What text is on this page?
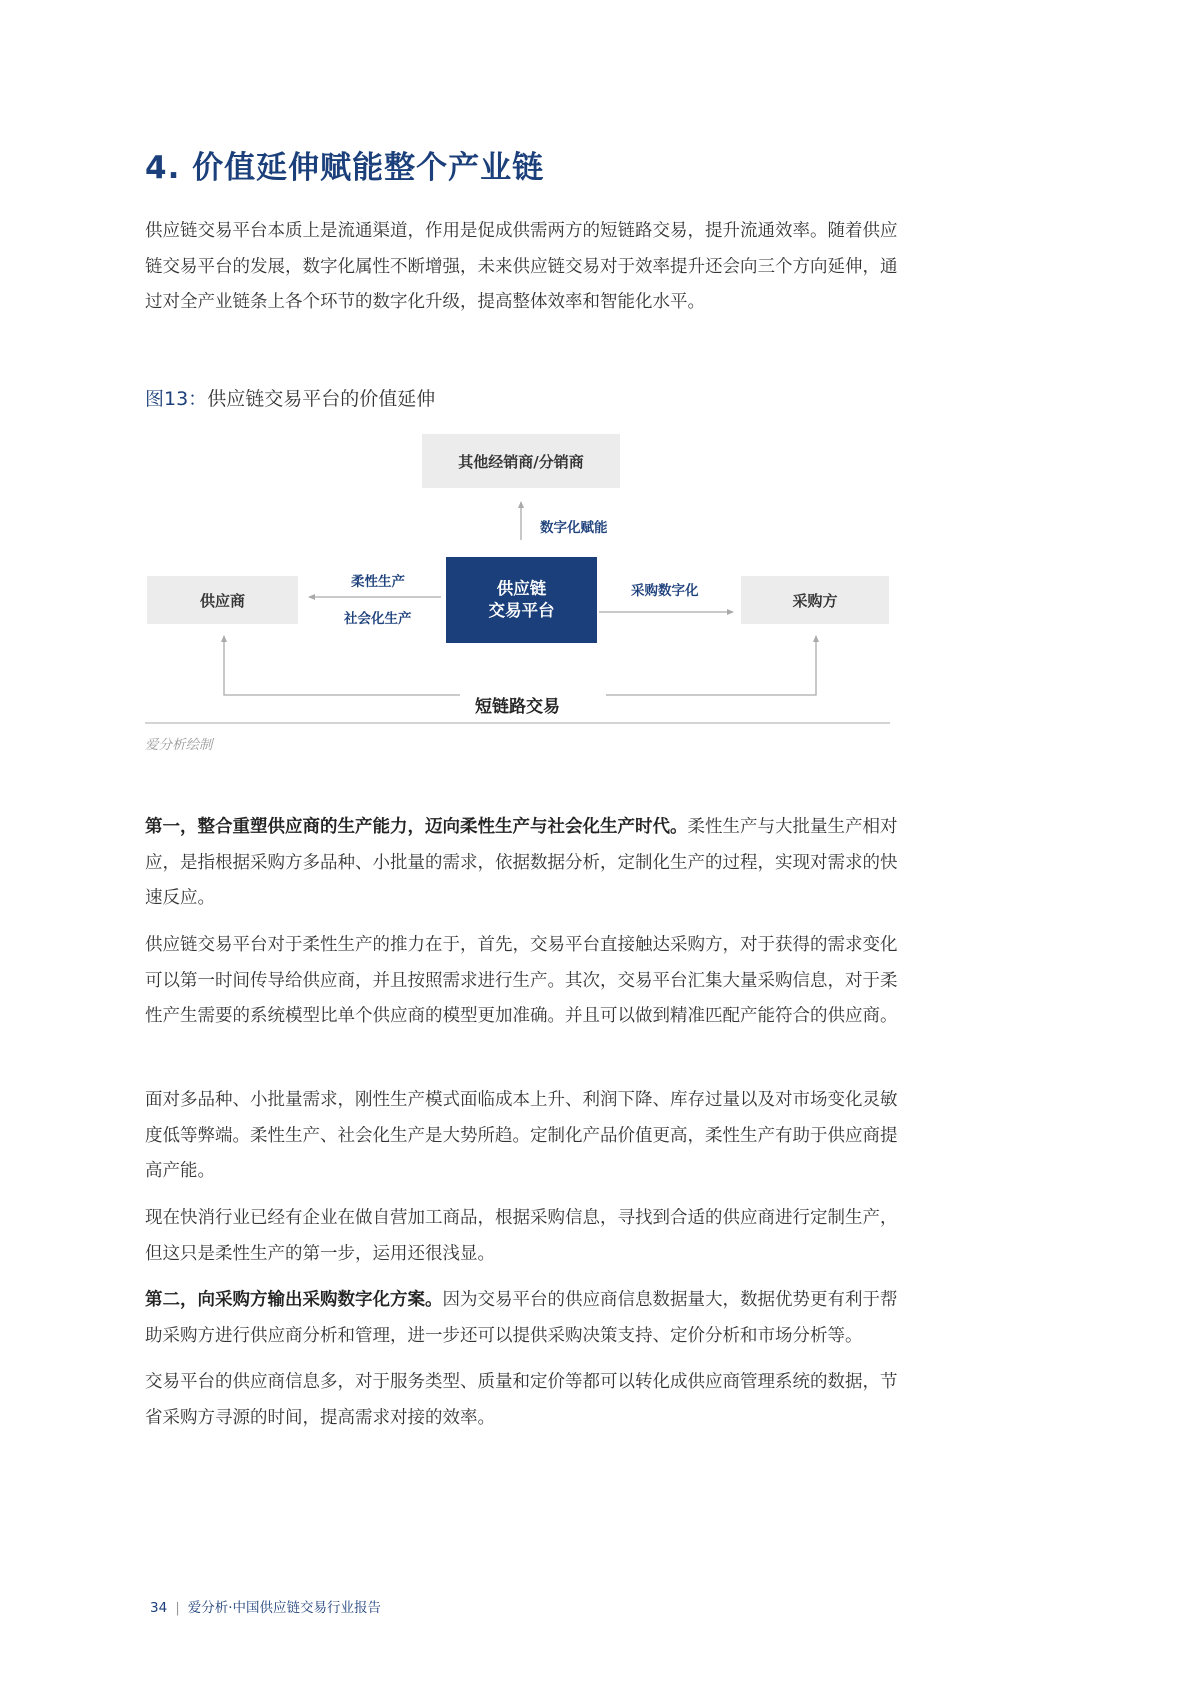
4. 价值延伸赋能整个产业链

供应链交易平台本质上是流通渠道，作用是促成供需两方的短链路交易，提升流通效率。随着供应链交易平台的发展，数字化属性不断增强，未来供应链交易对于效率提升还会向三个方向延伸，通过对全产业链条上各个环节的数字化升级，提高整体效率和智能化水平。

图13：供应链交易平台的价值延伸
其他经销商/分销商
数字化赋能
供应链
交易平台
供应商
柔性生产
社会化生产
采购方
采购数字化
短链路交易
爱分析绘制

第一，整合重塑供应商的生产能力，迈向柔性生产与社会化生产时代。柔性生产与大批量生产相对应，是指根据采购方多品种、小批量的需求，依据数据分析，定制化生产的过程，实现对需求的快速反应。

供应链交易平台对于柔性生产的推力在于，首先，交易平台直接触达采购方，对于获得的需求变化可以第一时间传导给供应商，并且按照需求进行生产。其次，交易平台汇集大量采购信息，对于柔性产生需要的系统模型比单个供应商的模型更加准确。并且可以做到精准匹配产能符合的供应商。

面对多品种、小批量需求，刚性生产模式面临成本上升、利润下降、库存过量以及对市场变化灵敏度低等弊端。柔性生产、社会化生产是大势所趋。定制化产品价值更高，柔性生产有助于供应商提高产能。

现在快消行业已经有企业在做自营加工商品，根据采购信息，寻找到合适的供应商进行定制生产，但这只是柔性生产的第一步，运用还很浅显。

第二，向采购方输出采购数字化方案。因为交易平台的供应商信息数据量大，数据优势更有利于帮助采购方进行供应商分析和管理，进一步还可以提供采购决策支持、定价分析和市场分析等。

交易平台的供应商信息多，对于服务类型、质量和定价等都可以转化成供应商管理系统的数据，节省采购方寻源的时间，提高需求对接的效率。

34 | 爱分析·中国供应链交易行业报告
